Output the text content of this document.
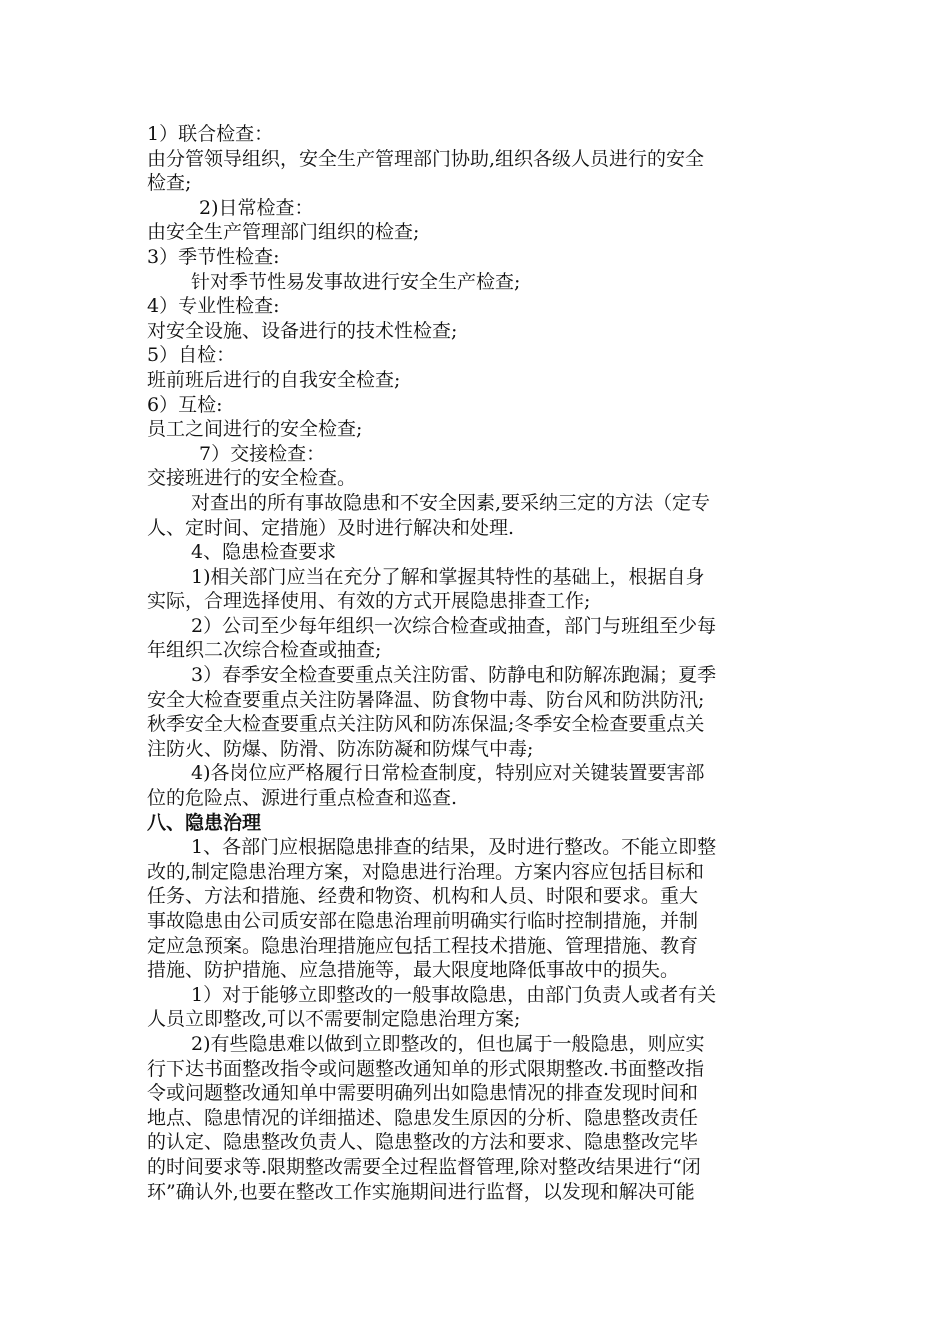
1）联合检查：

由分管领导组织，安全生产管理部门协助,组织各级人员进行的安全

检查;

2)日常检查：

由安全生产管理部门组织的检查;

3）季节性检查:

针对季节性易发事故进行安全生产检查;

4）专业性检查:

对安全设施、设备进行的技术性检查;

5）自检：

班前班后进行的自我安全检查;

6）互检:

员工之间进行的安全检查;

7）交接检查：

交接班进行的安全检查。

对查出的所有事故隐患和不安全因素,要采纳三定的方法（定专

人、定时间、定措施）及时进行解决和处理.

4、隐患检查要求

1)相关部门应当在充分了解和掌握其特性的基础上，根据自身

实际，合理选择使用、有效的方式开展隐患排查工作;

2）公司至少每年组织一次综合检查或抽查，部门与班组至少每

年组织二次综合检查或抽查;

3）春季安全检查要重点关注防雷、防静电和防解冻跑漏；夏季

安全大检查要重点关注防暑降温、防食物中毒、防台风和防洪防汛;

秋季安全大检查要重点关注防风和防冻保温;冬季安全检查要重点关

注防火、防爆、防滑、防冻防凝和防煤气中毒;

4)各岗位应严格履行日常检查制度，特别应对关键装置要害部

位的危险点、源进行重点检查和巡查.

八、隐患治理

1、各部门应根据隐患排查的结果，及时进行整改。不能立即整

改的,制定隐患治理方案，对隐患进行治理。方案内容应包括目标和

任务、方法和措施、经费和物资、机构和人员、时限和要求。重大

事故隐患由公司质安部在隐患治理前明确实行临时控制措施，并制

定应急预案。隐患治理措施应包括工程技术措施、管理措施、教育

措施、防护措施、应急措施等，最大限度地降低事故中的损失。

1）对于能够立即整改的一般事故隐患，由部门负责人或者有关

人员立即整改,可以不需要制定隐患治理方案;

2)有些隐患难以做到立即整改的，但也属于一般隐患，则应实

行下达书面整改指令或问题整改通知单的形式限期整改.书面整改指

令或问题整改通知单中需要明确列出如隐患情况的排查发现时间和

地点、隐患情况的详细描述、隐患发生原因的分析、隐患整改责任

的认定、隐患整改负责人、隐患整改的方法和要求、隐患整改完毕

的时间要求等.限期整改需要全过程监督管理,除对整改结果进行“闭

环”确认外,也要在整改工作实施期间进行监督，以发现和解决可能
